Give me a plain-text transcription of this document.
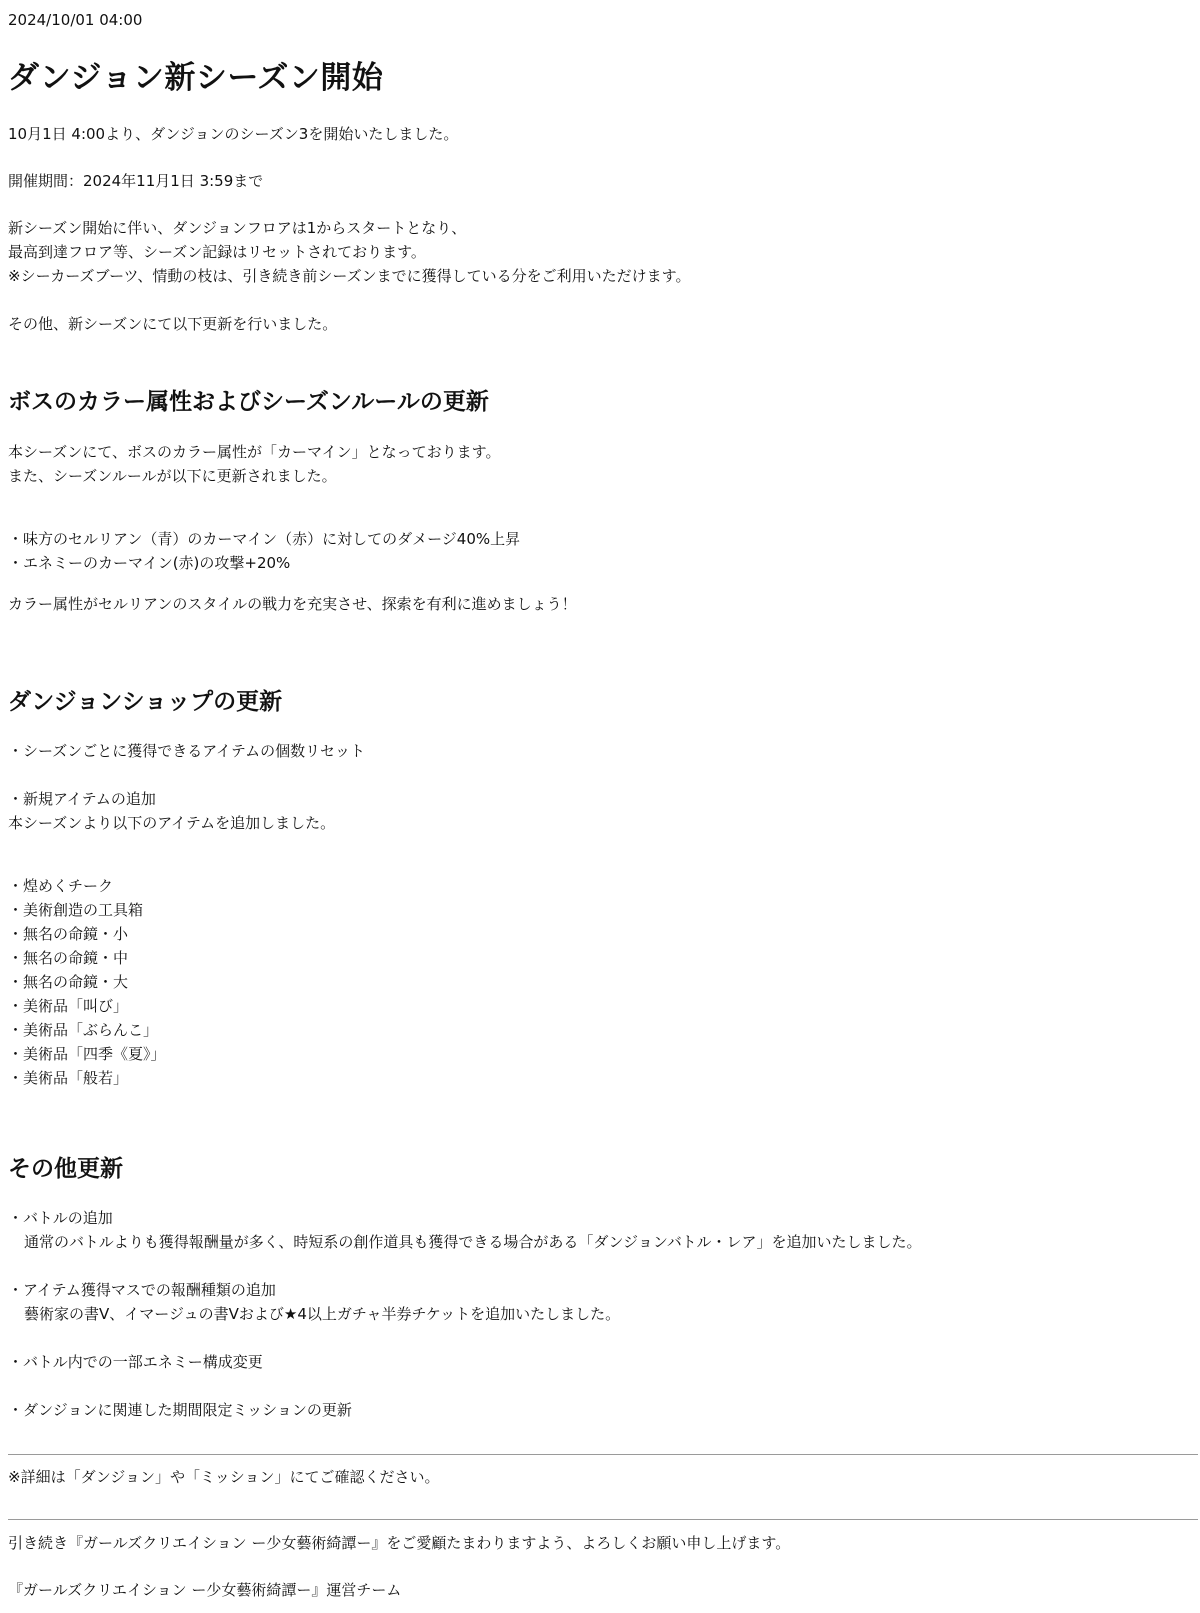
2024/10/01 04:00
ダンジョン新シーズン開始
10月1日 4:00より、ダンジョンのシーズン3を開始いたしました。
開催期間：2024年11月1日 3:59まで
新シーズン開始に伴い、ダンジョンフロアは1からスタートとなり、
最高到達フロア等、シーズン記録はリセットされております。
※シーカーズブーツ、情動の枝は、引き続き前シーズンまでに獲得している分をご利用いただけます。
その他、新シーズンにて以下更新を行いました。
ボスのカラー属性およびシーズンルールの更新
本シーズンにて、ボスのカラー属性が「カーマイン」となっております。
また、シーズンルールが以下に更新されました。
・味方のセルリアン（青）のカーマイン（赤）に対してのダメージ40%上昇
・エネミーのカーマイン(赤)の攻撃+20%
カラー属性がセルリアンのスタイルの戦力を充実させ、探索を有利に進めましょう！
ダンジョンショップの更新
・シーズンごとに獲得できるアイテムの個数リセット
・新規アイテムの追加
本シーズンより以下のアイテムを追加しました。
・煌めくチーク
・美術創造の工具箱
・無名の命鏡・小
・無名の命鏡・中
・無名の命鏡・大
・美術品「叫び」
・美術品「ぶらんこ」
・美術品「四季《夏》」
・美術品「般若」
その他更新
・バトルの追加
通常のバトルよりも獲得報酬量が多く、時短系の創作道具も獲得できる場合がある「ダンジョンバトル・レア」を追加いたしました。
・アイテム獲得マスでの報酬種類の追加
藝術家の書V、イマージュの書Vおよび★4以上ガチャ半券チケットを追加いたしました。
・バトル内での一部エネミー構成変更
・ダンジョンに関連した期間限定ミッションの更新
※詳細は「ダンジョン」や「ミッション」にてご確認ください。
引き続き『ガールズクリエイション ー少女藝術綺譚ー』をご愛顧たまわりますよう、よろしくお願い申し上げます。
『ガールズクリエイション ー少女藝術綺譚ー』運営チーム
